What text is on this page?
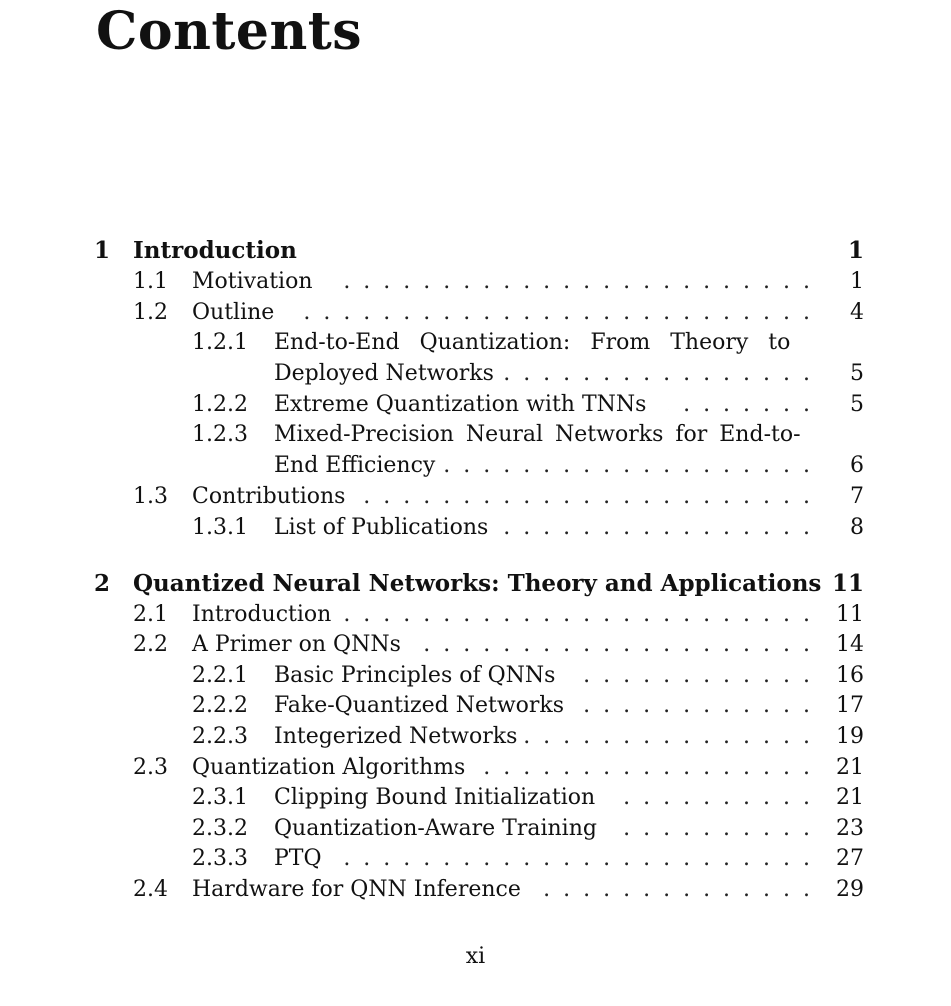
Contents
1 Introduction	1
1.1 Motivation . . .	1
1.2 Outline . . .	4
1.2.1 End-to-End Quantization: From Theory to
Deployed Networks . . .	5
1.2.2 Extreme Quantization with TNNs . . .	5
1.2.3 Mixed-Precision Neural Networks for End-to-
End Efficiency . . .	6
1.3 Contributions . . .	7
1.3.1 List of Publications . . .	8
2 Quantized Neural Networks: Theory and Applications 11
2.1 Introduction . . .	11
2.2 A Primer on QNNs . . .	14
2.2.1 Basic Principles of QNNs . . .	16
2.2.2 Fake-Quantized Networks . . .	17
2.2.3 Integerized Networks . . .	19
2.3 Quantization Algorithms . . .	21
2.3.1 Clipping Bound Initialization . . .	21
2.3.2 Quantization-Aware Training . . .	23
2.3.3 PTQ . . .	27
2.4 Hardware for QNN Inference . . .	29
xi
